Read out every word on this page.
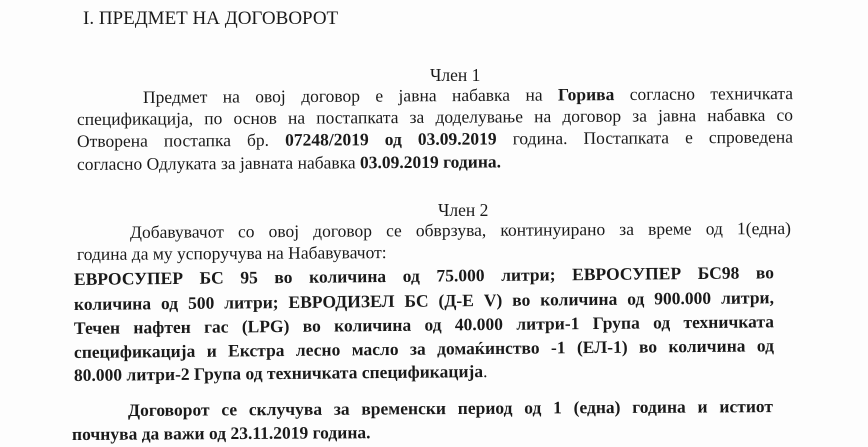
I. ПРЕДМЕТ НА ДОГОВОРОТ
Член 1
Предмет на овој договор е јавна набавка на Горива согласно техничката
спецификација, по основ на постапката за доделување на договор за јавна набавка со
Отворена постапка бр. 07248/2019 од 03.09.2019 година. Постапката е спроведена
согласно Одлуката за јавната набавка 03.09.2019 година.
Член 2
Добавувачот со овој договор се обврзува, континуирано за време од 1(една)
година да му успоручува на Набавувачот:
ЕВРОСУПЕР БС 95 во количина од 75.000 литри; ЕВРОСУПЕР БС98 во
количина од 500 литри; ЕВРОДИЗЕЛ БС (Д-Е V) во количина од 900.000 литри,
Течен нафтен гас (LPG) во количина од 40.000 литри-1 Група од техничката
спецификација и Екстра лесно масло за домаќинство -1 (ЕЛ-1) во количина од
80.000 литри-2 Група од техничката спецификација.
Договорот се склучува за временски период од 1 (една) година и истиот
почнува да важи од 23.11.2019 година.
